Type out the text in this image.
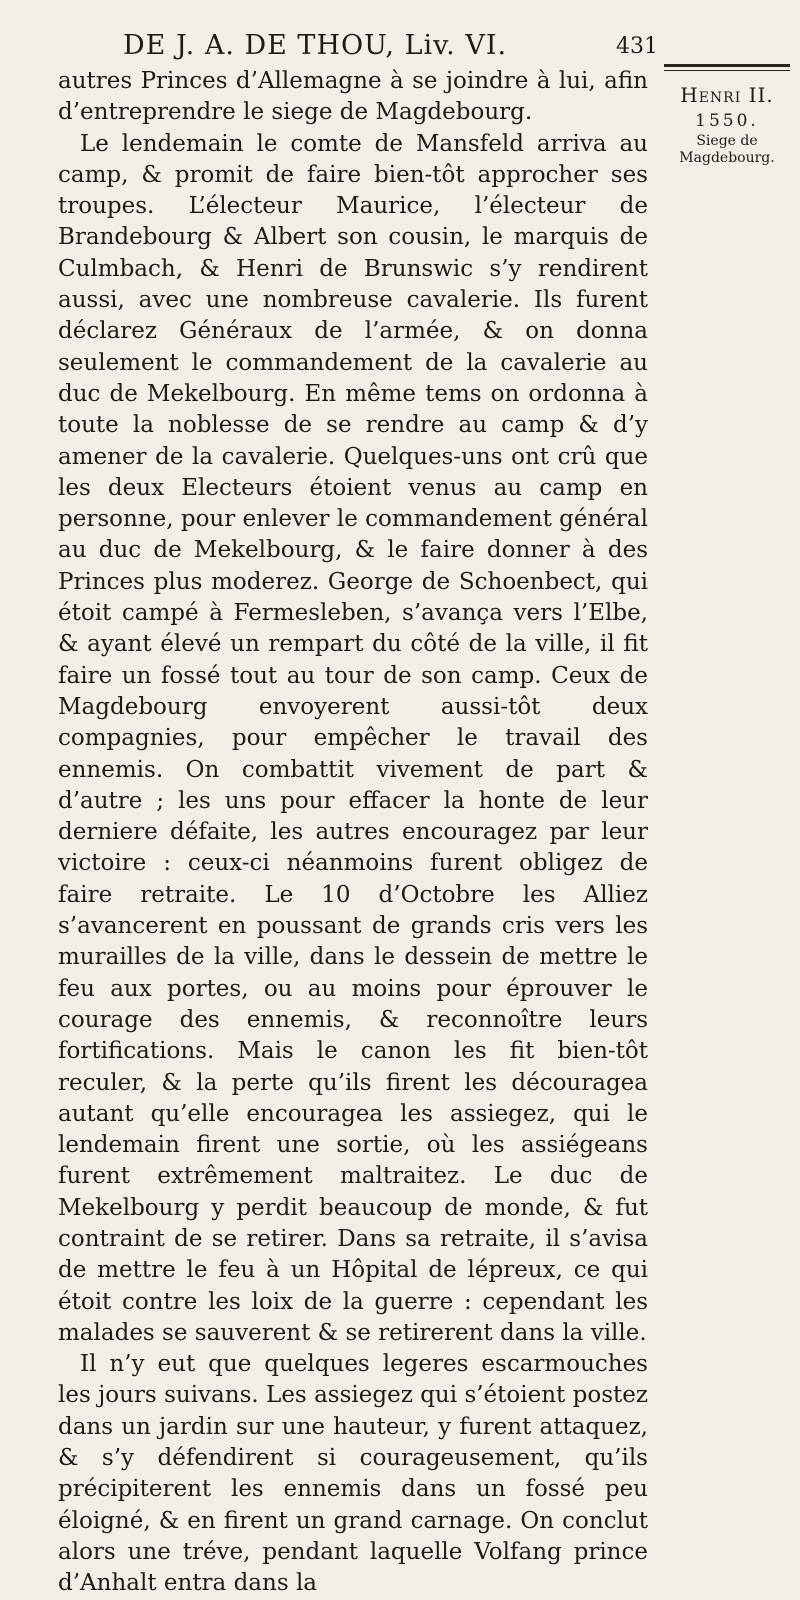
DE J. A. DE THOU, Liv. VI.	431

autres Princes d’Allemagne à se joindre à lui, afin d’entreprendre le siege de Magdebourg.

Le lendemain le comte de Mansfeld arriva au camp, & promit de faire bien-tôt approcher ses troupes. L’électeur Maurice, l’électeur de Brandebourg & Albert son cousin, le marquis de Culmbach, & Henri de Brunswic s’y rendirent aussi, avec une nombreuse cavalerie. Ils furent déclarez Généraux de l’armée, & on donna seulement le commandement de la cavalerie au duc de Mekelbourg. En même tems on ordonna à toute la noblesse de se rendre au camp & d’y amener de la cavalerie. Quelques-uns ont crû que les deux Electeurs étoient venus au camp en personne, pour enlever le commandement général au duc de Mekelbourg, & le faire donner à des Princes plus moderez. George de Schoenbect, qui étoit campé à Fermesleben, s’avança vers l’Elbe, & ayant élevé un rempart du côté de la ville, il fit faire un fossé tout au tour de son camp. Ceux de Magdebourg envoyerent aussi-tôt deux compagnies, pour empêcher le travail des ennemis. On combattit vivement de part & d’autre ; les uns pour effacer la honte de leur derniere défaite, les autres encouragez par leur victoire : ceux-ci néanmoins furent obligez de faire retraite. Le 10 d’Octobre les Alliez s’avancerent en poussant de grands cris vers les murailles de la ville, dans le dessein de mettre le feu aux portes, ou au moins pour éprouver le courage des ennemis, & reconnoître leurs fortifications. Mais le canon les fit bien-tôt reculer, & la perte qu’ils firent les découragea autant qu’elle encouragea les assiegez, qui le lendemain firent une sortie, où les assiégeans furent extrêmement maltraitez. Le duc de Mekelbourg y perdit beaucoup de monde, & fut contraint de se retirer. Dans sa retraite, il s’avisa de mettre le feu à un Hôpital de lépreux, ce qui étoit contre les loix de la guerre : cependant les malades se sauverent & se retirerent dans la ville.

Il n’y eut que quelques legeres escarmouches les jours suivans. Les assiegez qui s’étoient postez dans un jardin sur une hauteur, y furent attaquez, & s’y défendirent si courageusement, qu’ils précipiterent les ennemis dans un fossé peu éloigné, & en firent un grand carnage. On conclut alors une tréve, pendant laquelle Volfang prince d’Anhalt entra dans la

Henri II.
1550.
Siege de Magdebourg.
